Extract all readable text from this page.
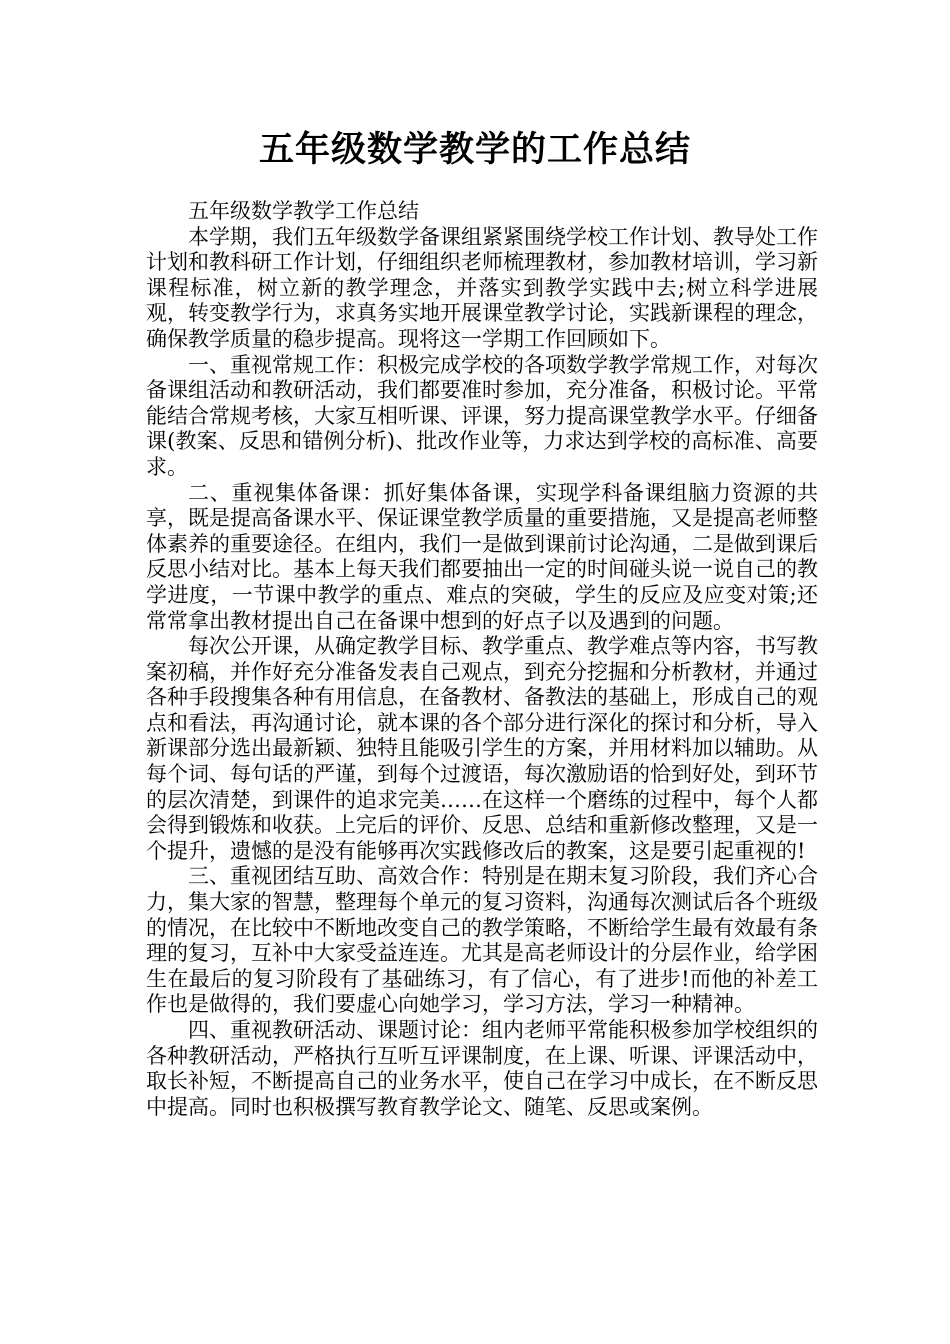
五年级数学教学的工作总结

五年级数学教学工作总结

本学期，我们五年级数学备课组紧紧围绕学校工作计划、教导处工作计划和教科研工作计划，仔细组织老师梳理教材，参加教材培训，学习新课程标准，树立新的教学理念，并落实到教学实践中去;树立科学进展观，转变教学行为，求真务实地开展课堂教学讨论，实践新课程的理念，确保教学质量的稳步提高。现将这一学期工作回顾如下。

一、重视常规工作：积极完成学校的各项数学教学常规工作，对每次备课组活动和教研活动，我们都要准时参加，充分准备，积极讨论。平常能结合常规考核，大家互相听课、评课，努力提高课堂教学水平。仔细备课(教案、反思和错例分析)、批改作业等，力求达到学校的高标准、高要求。

二、重视集体备课：抓好集体备课，实现学科备课组脑力资源的共享，既是提高备课水平、保证课堂教学质量的重要措施，又是提高老师整体素养的重要途径。在组内，我们一是做到课前讨论沟通，二是做到课后反思小结对比。基本上每天我们都要抽出一定的时间碰头说一说自己的教学进度，一节课中教学的重点、难点的突破，学生的反应及应变对策;还常常拿出教材提出自己在备课中想到的好点子以及遇到的问题。

每次公开课，从确定教学目标、教学重点、教学难点等内容，书写教案初稿，并作好充分准备发表自己观点，到充分挖掘和分析教材，并通过各种手段搜集各种有用信息，在备教材、备教法的基础上，形成自己的观点和看法，再沟通讨论，就本课的各个部分进行深化的探讨和分析，导入新课部分选出最新颖、独特且能吸引学生的方案，并用材料加以辅助。从每个词、每句话的严谨，到每个过渡语，每次激励语的恰到好处，到环节的层次清楚，到课件的追求完美……在这样一个磨练的过程中，每个人都会得到锻炼和收获。上完后的评价、反思、总结和重新修改整理，又是一个提升，遗憾的是没有能够再次实践修改后的教案，这是要引起重视的!

三、重视团结互助、高效合作：特别是在期末复习阶段，我们齐心合力，集大家的智慧，整理每个单元的复习资料，沟通每次测试后各个班级的情况，在比较中不断地改变自己的教学策略，不断给学生最有效最有条理的复习，互补中大家受益连连。尤其是高老师设计的分层作业，给学困生在最后的复习阶段有了基础练习，有了信心，有了进步!而他的补差工作也是做得的，我们要虚心向她学习，学习方法，学习一种精神。

四、重视教研活动、课题讨论：组内老师平常能积极参加学校组织的各种教研活动，严格执行互听互评课制度，在上课、听课、评课活动中，取长补短，不断提高自己的业务水平，使自己在学习中成长，在不断反思中提高。同时也积极撰写教育教学论文、随笔、反思或案例。
